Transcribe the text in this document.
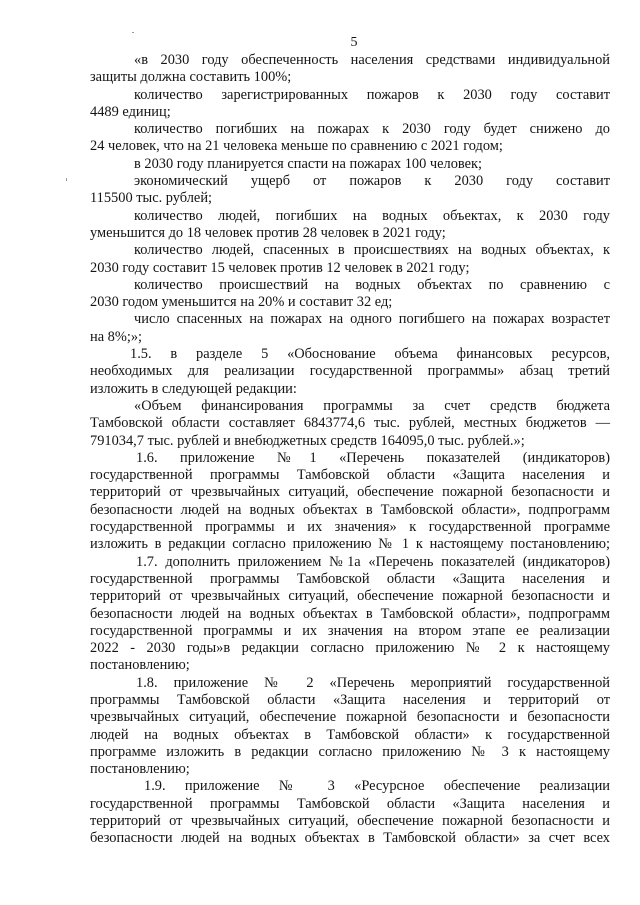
5

«в 2030 году обеспеченность населения средствами индивидуальной

защиты должна составить 100%;

количество зарегистрированных пожаров к 2030 году составит

4489 единиц;

количество погибших на пожарах к 2030 году будет снижено до

24 человек, что на 21 человека меньше по сравнению с 2021 годом;

в 2030 году планируется спасти на пожарах 100 человек;

экономический ущерб от пожаров к 2030 году составит

115500 тыс. рублей;

количество людей, погибших на водных объектах, к 2030 году

уменьшится до 18 человек против 28 человек в 2021 году;

количество людей, спасенных в происшествиях на водных объектах, к

2030 году составит 15 человек против 12 человек в 2021 году;

количество происшествий на водных объектах по сравнению с

2030 годом уменьшится на 20% и составит 32 ед;

число спасенных на пожарах на одного погибшего на пожарах возрастет

на 8%;»;

1.5. в разделе 5 «Обоснование объема финансовых ресурсов,

необходимых для реализации государственной программы» абзац третий

изложить в следующей редакции:

«Объем финансирования программы за счет средств бюджета

Тамбовской области составляет 6843774,6 тыс. рублей, местных бюджетов —

791034,7 тыс. рублей и внебюджетных средств 164095,0 тыс. рублей.»;

1.6. приложение №1 «Перечень показателей (индикаторов)

государственной программы Тамбовской области «Защита населения и

территорий от чрезвычайных ситуаций, обеспечение пожарной безопасности и

безопасности людей на водных объектах в Тамбовской области», подпрограмм

государственной программы и их значения» к государственной программе

изложить в редакции согласно приложению № 1 к настоящему постановлению;

1.7. дополнить приложением №1а «Перечень показателей (индикаторов)

государственной программы Тамбовской области «Защита населения и

территорий от чрезвычайных ситуаций, обеспечение пожарной безопасности и

безопасности людей на водных объектах в Тамбовской области», подпрограмм

государственной программы и их значения на втором этапе ее реализации

2022 - 2030 годы»в редакции согласно приложению № 2 к настоящему

постановлению;

1.8. приложение № 2 «Перечень мероприятий государственной

программы Тамбовской области «Защита населения и территорий от

чрезвычайных ситуаций, обеспечение пожарной безопасности и безопасности

людей на водных объектах в Тамбовской области» к государственной

программе изложить в редакции согласно приложению № 3 к настоящему

постановлению;

1.9. приложение № 3 «Ресурсное обеспечение реализации

государственной программы Тамбовской области «Защита населения и

территорий от чрезвычайных ситуаций, обеспечение пожарной безопасности и

безопасности людей на водных объектах в Тамбовской области» за счет всех
